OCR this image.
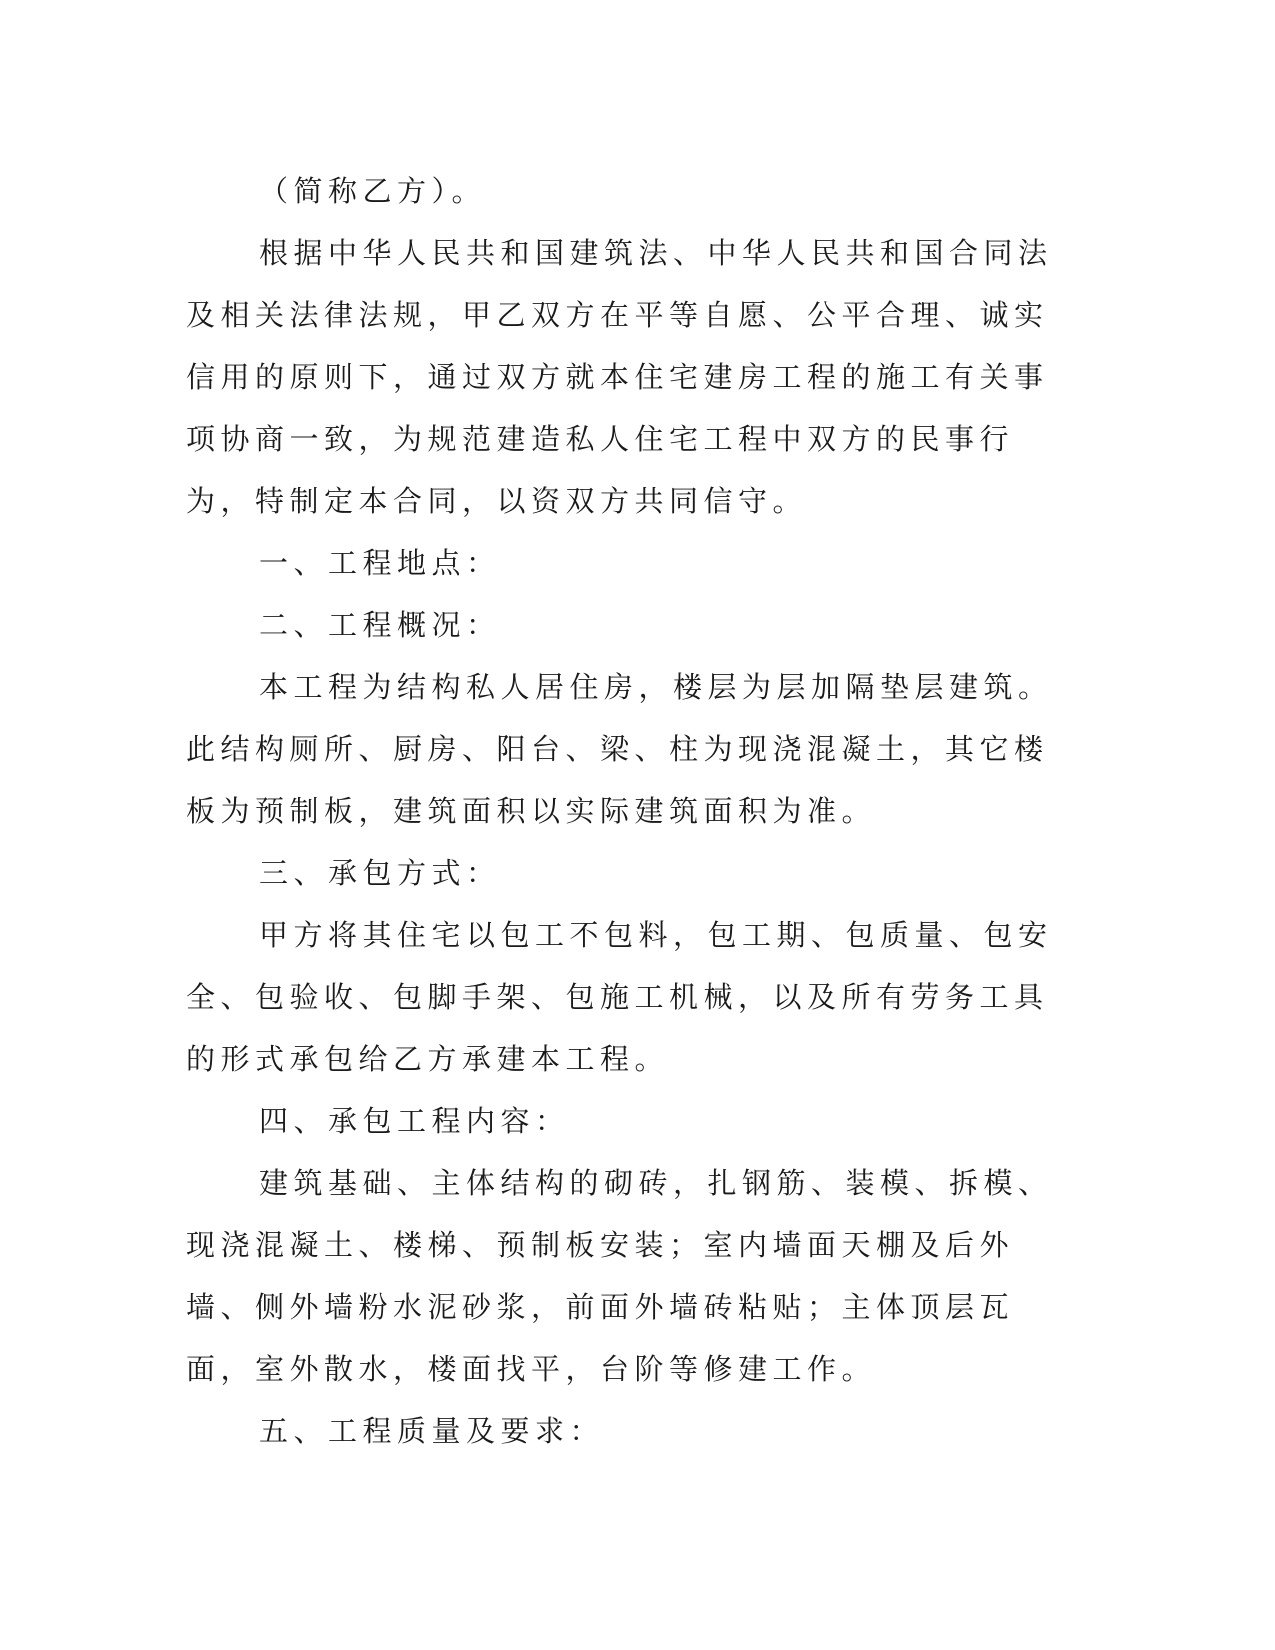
（简称乙方）。

根据中华人民共和国建筑法、中华人民共和国合同法及相关法律法规，甲乙双方在平等自愿、公平合理、诚实信用的原则下，通过双方就本住宅建房工程的施工有关事项协商一致，为规范建造私人住宅工程中双方的民事行为，特制定本合同，以资双方共同信守。

一、工程地点：

二、工程概况：

本工程为结构私人居住房，楼层为层加隔垫层建筑。此结构厕所、厨房、阳台、梁、柱为现浇混凝土，其它楼板为预制板，建筑面积以实际建筑面积为准。

三、承包方式：

甲方将其住宅以包工不包料，包工期、包质量、包安全、包验收、包脚手架、包施工机械，以及所有劳务工具的形式承包给乙方承建本工程。

四、承包工程内容：

建筑基础、主体结构的砌砖，扎钢筋、装模、拆模、现浇混凝土、楼梯、预制板安装；室内墙面天棚及后外墙、侧外墙粉水泥砂浆，前面外墙砖粘贴；主体顶层瓦面，室外散水，楼面找平，台阶等修建工作。

五、工程质量及要求：
